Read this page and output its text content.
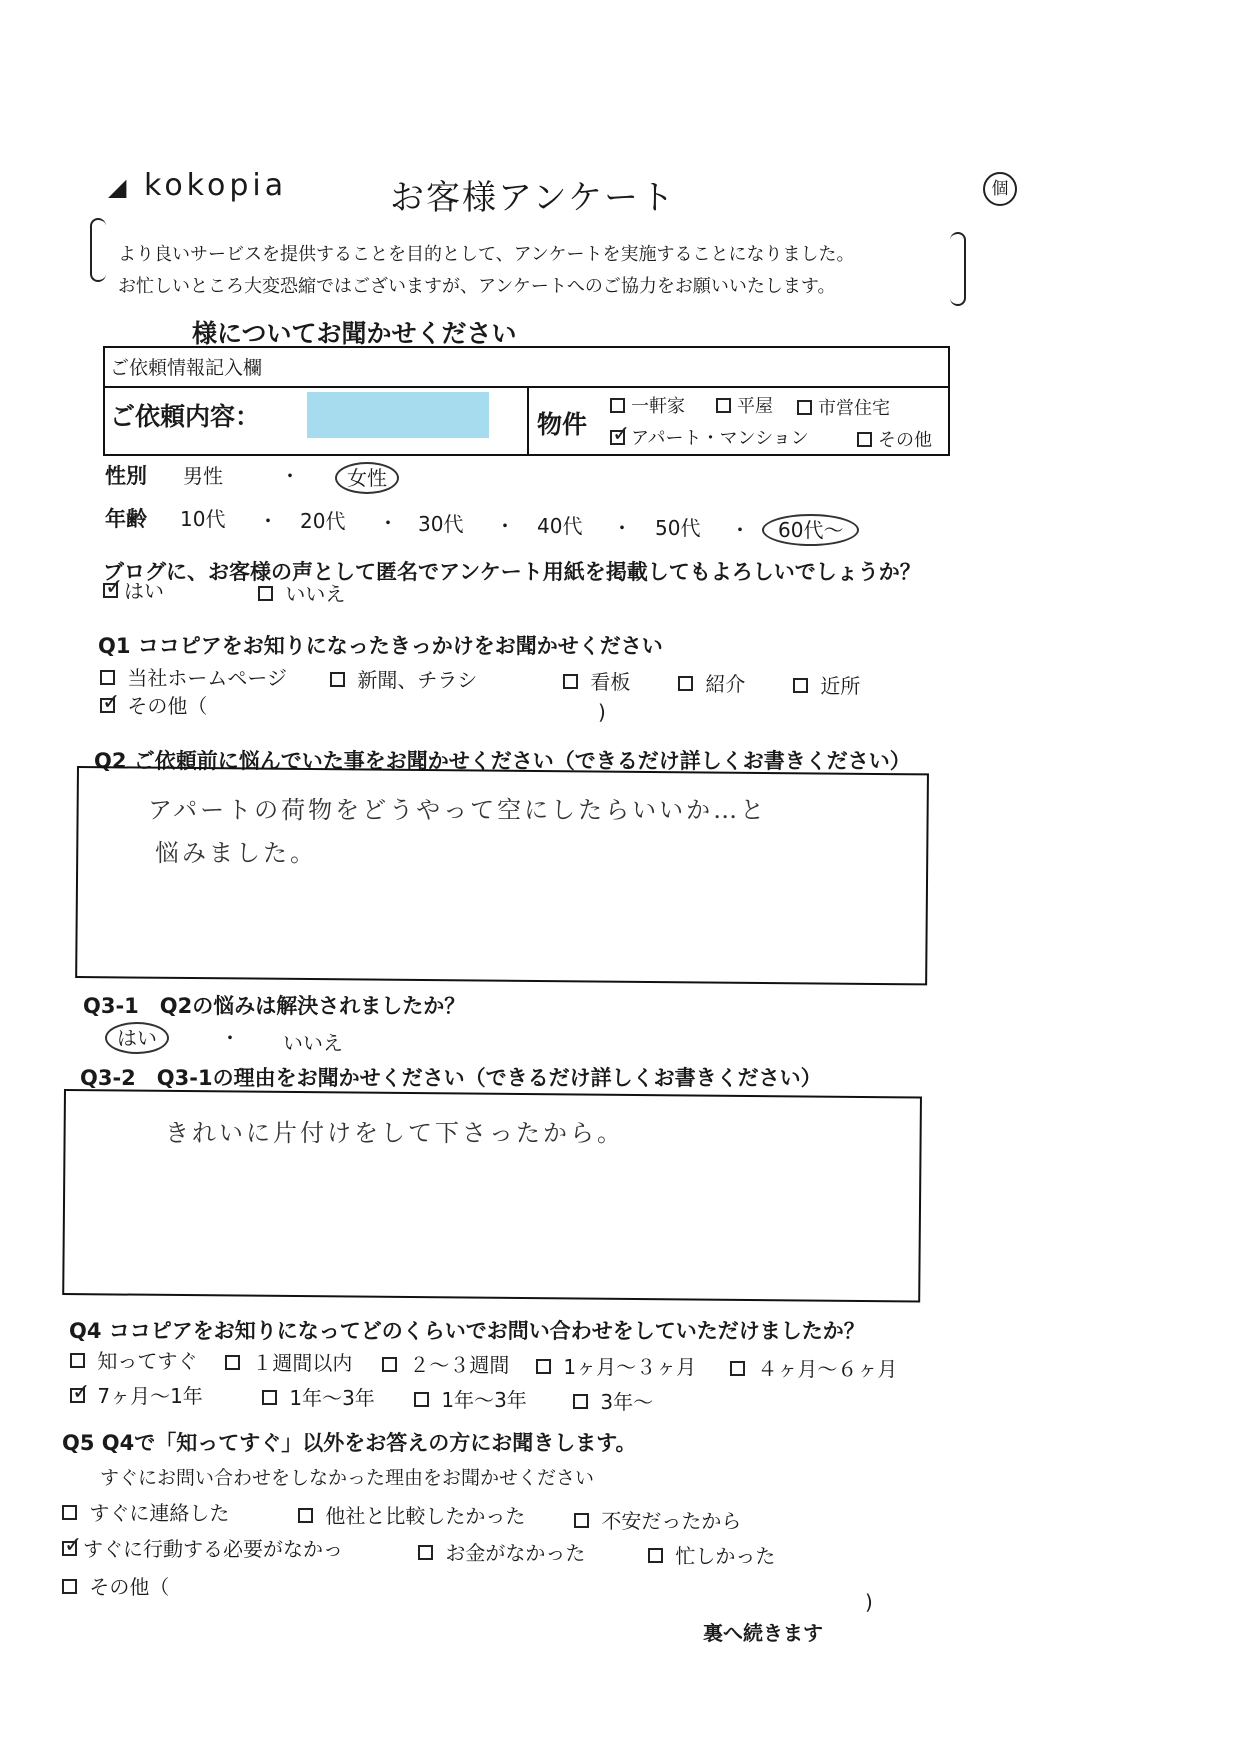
◢ kokopia	お客様アンケート	個
より良いサービスを提供することを目的として、アンケートを実施することになりました。
お忙しいところ大変恐縮ではございますが、アンケートへのご協力をお願いいたします。
様についてお聞かせください
ご依頼情報記入欄
ご依頼内容：	物件
一軒家	平屋	市営住宅
✓アパート・マンション	その他
性別 男性	・	女性
年齢 10代 ・ 20代 ・ 30代 ・ 40代 ・ 50代 ・	60代〜
ブログに、お客様の声として匿名でアンケート用紙を掲載してもよろしいでしょうか？
✓はい	いいえ
Q1 ココピアをお知りになったきっかけをお聞かせください
当社ホームページ	新聞、チラシ	看板	紹介	近所
✓ その他（	)
Q2 ご依頼前に悩んでいた事をお聞かせください（できるだけ詳しくお書きください）
アパートの荷物をどうやって空にしたらいいか…と
悩みました。
Q3-1　Q2の悩みは解決されましたか？
はい	・ いいえ
Q3-2　Q3-1の理由をお聞かせください（できるだけ詳しくお書きください）
きれいに片付けをして下さったから。
Q4 ココピアをお知りになってどのくらいでお問い合わせをしていただけましたか？
知ってすぐ	１週間以内	２〜３週間	1ヶ月〜３ヶ月	４ヶ月〜６ヶ月
✓ 7ヶ月〜1年	1年〜3年	1年〜3年	3年〜
Q5 Q4で「知ってすぐ」以外をお答えの方にお聞きします。
すぐにお問い合わせをしなかった理由をお聞かせください
すぐに連絡した	他社と比較したかった	不安だったから
✓すぐに行動する必要がなかっ	お金がなかった	忙しかった
その他（
)
裏へ続きます
